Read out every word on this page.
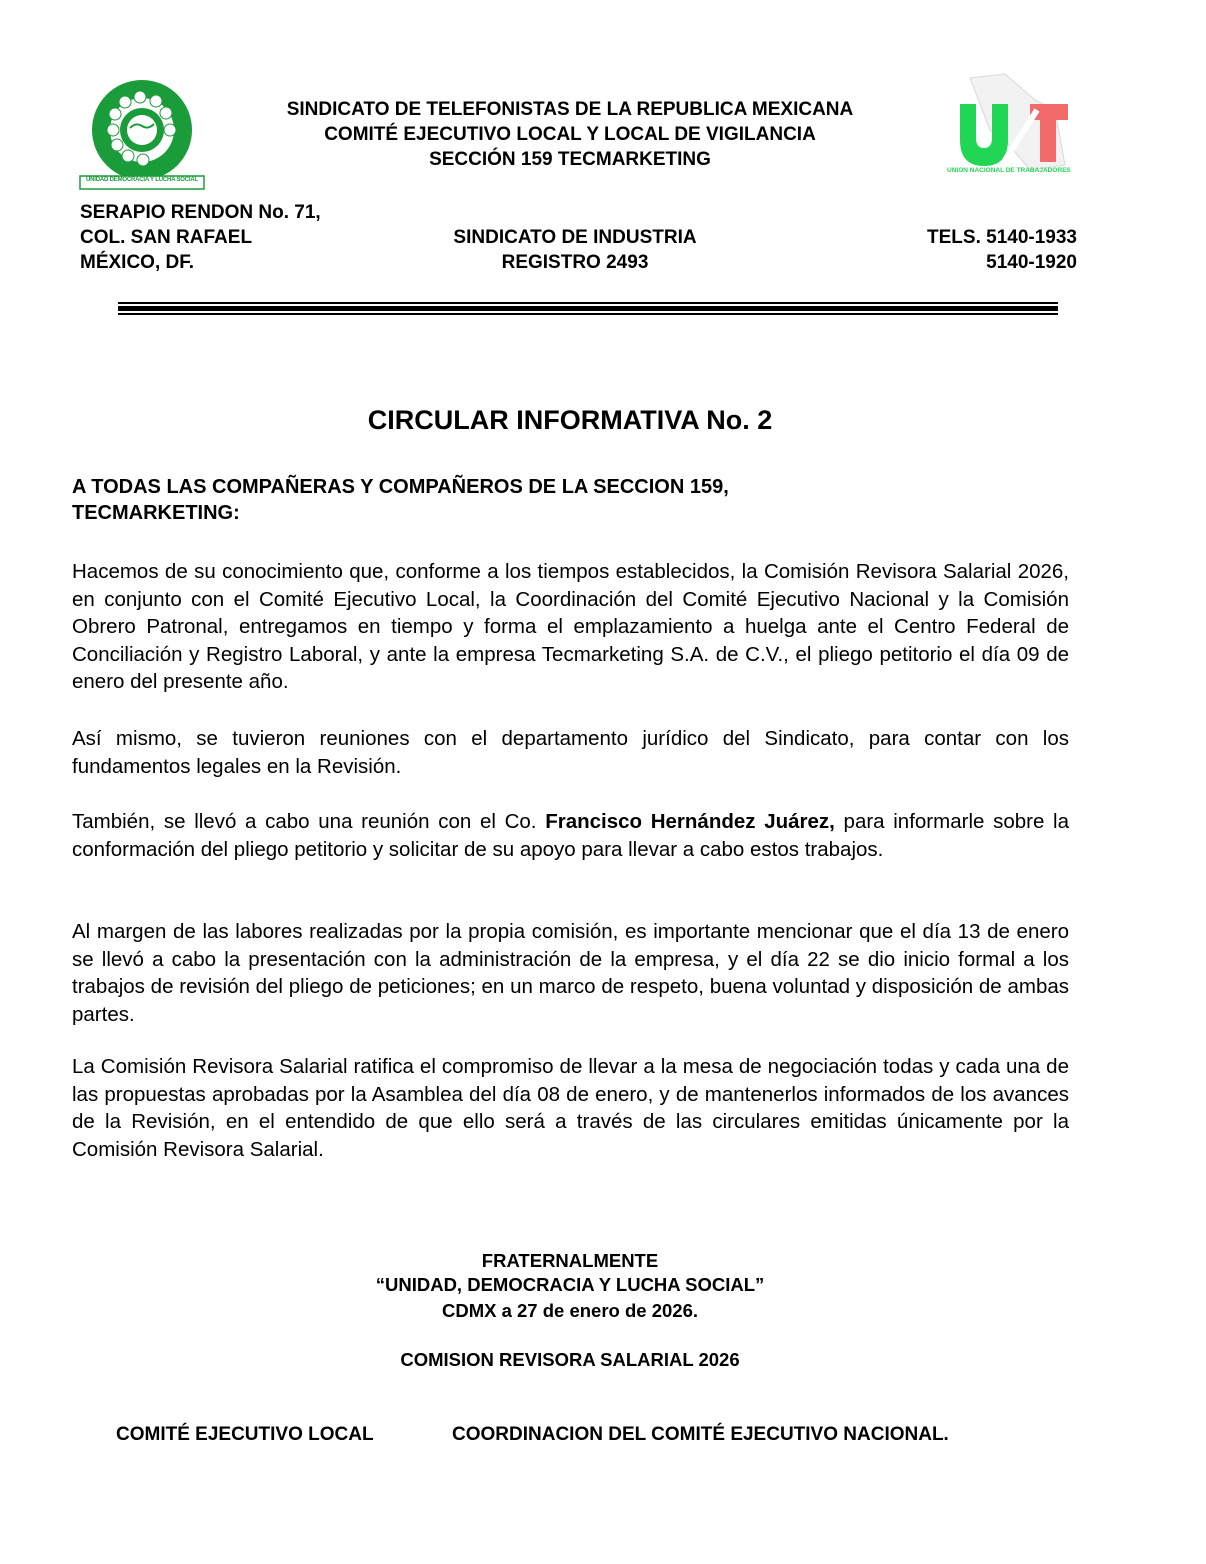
UNIDAD DEMOCRACIA Y LUCHA SOCIAL
UNION NACIONAL DE TRABAJADORES
SINDICATO DE TELEFONISTAS DE LA REPUBLICA MEXICANA
COMITÉ EJECUTIVO LOCAL Y LOCAL DE VIGILANCIA
SECCIÓN 159 TECMARKETING
SERAPIO RENDON No. 71,
COL. SAN RAFAEL
MÉXICO, DF.
SINDICATO DE INDUSTRIA
REGISTRO 2493
TELS. 5140-1933
5140-1920
CIRCULAR INFORMATIVA No. 2
A TODAS LAS COMPAÑERAS Y COMPAÑEROS DE LA SECCION 159,
TECMARKETING:

Hacemos de su conocimiento que, conforme a los tiempos establecidos, la Comisión Revisora Salarial 2026, en conjunto con el Comité Ejecutivo Local, la Coordinación del Comité Ejecutivo Nacional y la Comisión Obrero Patronal, entregamos en tiempo y forma el emplazamiento a huelga ante el Centro Federal de Conciliación y Registro Laboral, y ante la empresa Tecmarketing S.A. de C.V., el pliego petitorio el día 09 de enero del presente año.

Así mismo, se tuvieron reuniones con el departamento jurídico del Sindicato, para contar con los fundamentos legales en la Revisión.

También, se llevó a cabo una reunión con el Co. Francisco Hernández Juárez, para informarle sobre la conformación del pliego petitorio y solicitar de su apoyo para llevar a cabo estos trabajos.

Al margen de las labores realizadas por la propia comisión, es importante mencionar que el día 13 de enero se llevó a cabo la presentación con la administración de la empresa, y el día 22 se dio inicio formal a los trabajos de revisión del pliego de peticiones; en un marco de respeto, buena voluntad y disposición de ambas partes.

La Comisión Revisora Salarial ratifica el compromiso de llevar a la mesa de negociación todas y cada una de las propuestas aprobadas por la Asamblea del día 08 de enero, y de mantenerlos informados de los avances de la Revisión, en el entendido de que ello será a través de las circulares emitidas únicamente por la Comisión Revisora Salarial.

FRATERNALMENTE
“UNIDAD, DEMOCRACIA Y LUCHA SOCIAL”
CDMX a 27 de enero de 2026.
COMISION REVISORA SALARIAL 2026
COMITÉ EJECUTIVO LOCAL	COORDINACION DEL COMITÉ EJECUTIVO NACIONAL.
